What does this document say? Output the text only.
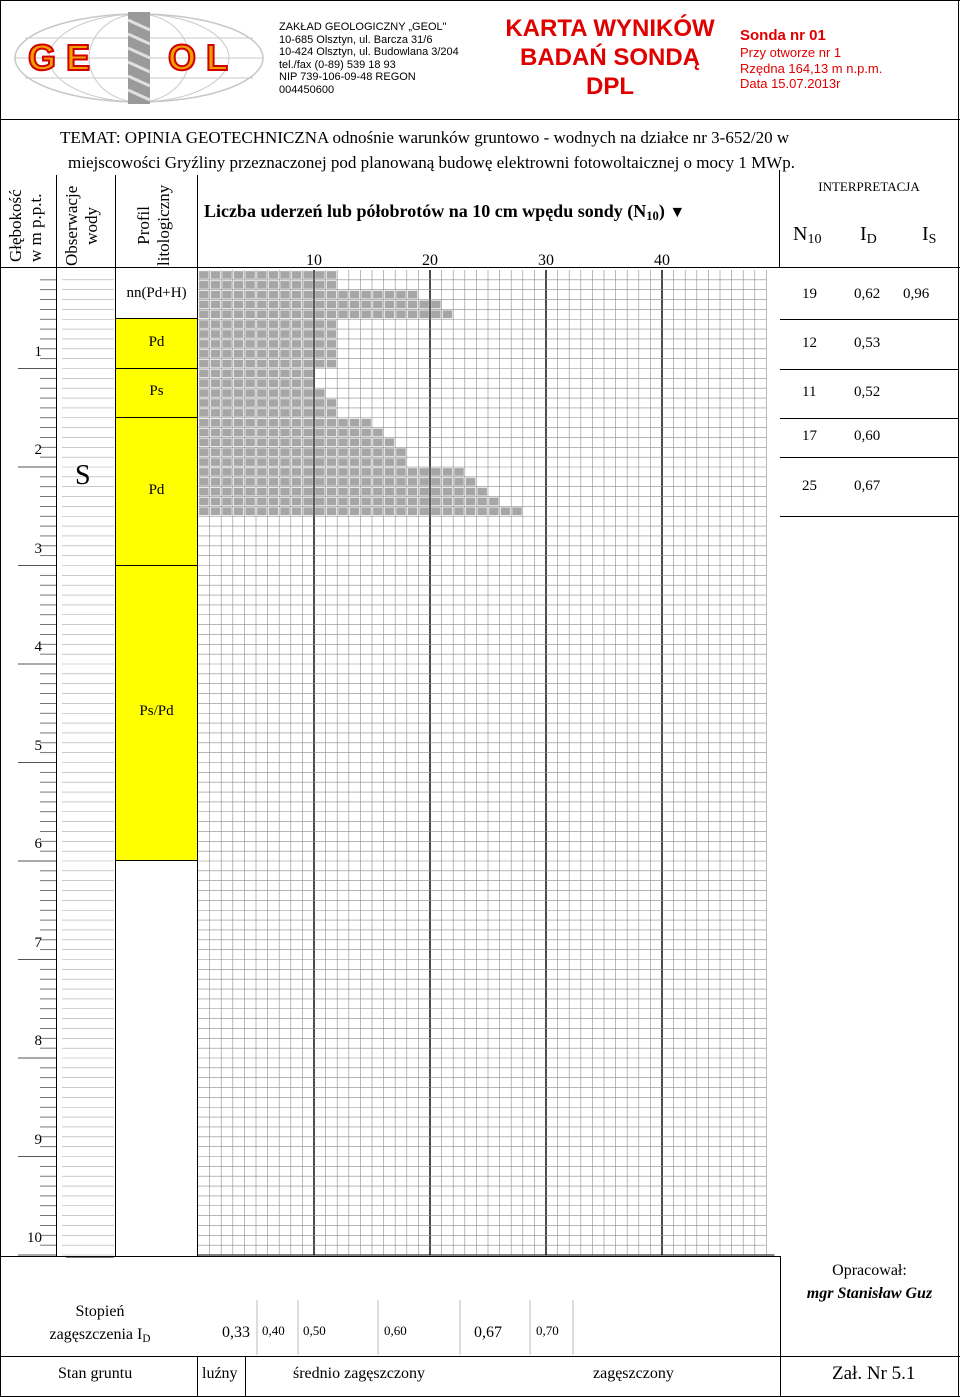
G E O L
ZAKŁAD GEOLOGICZNY „GEOL"
10-685 Olsztyn, ul. Barcza 31/6
10-424 Olsztyn, ul. Budowlana 3/204
tel./fax (0-89) 539 18 93
NIP 739-106-09-48 REGON
004450600
KARTA WYNIKÓW
BADAŃ SONDĄ
DPL
Sonda nr 01
Przy otworze nr 1
Rzędna 164,13 m n.p.m.
Data 15.07.2013r
TEMAT: OPINIA GEOTECHNICZNA odnośnie warunków gruntowo - wodnych na działce nr 3-652/20 w
miejscowości Gryźliny przeznaczonej pod planowaną budowę elektrowni fotowoltaicznej o mocy 1 MWp.
Głębokość w m p.p.t. Obserwacje wody Profil litologiczny Liczba uderzeń lub półobrotów na 10 cm wpędu sondy $(N_{10})$ ▼
INTERPRETACJA
$N_{10}$ $I_D$ $I_S$
1
2
3
4
5
6
7
8
9
10
S
nn(Pd+H)
Pd
Ps
Pd
Ps/Pd
10	20	30	40
19 0,62 0,96
12 0,53
11	0,52
17 0,60
25 0,67
Stopień
zagęszczenia $I_D$	0,33 0,40 0,50	0,60	0,67	0,70
Opracował:
mgr Stanisław Guz
Stan gruntu	luźny	średnio zagęszczony	zagęszczony	Zał. Nr 5.1
